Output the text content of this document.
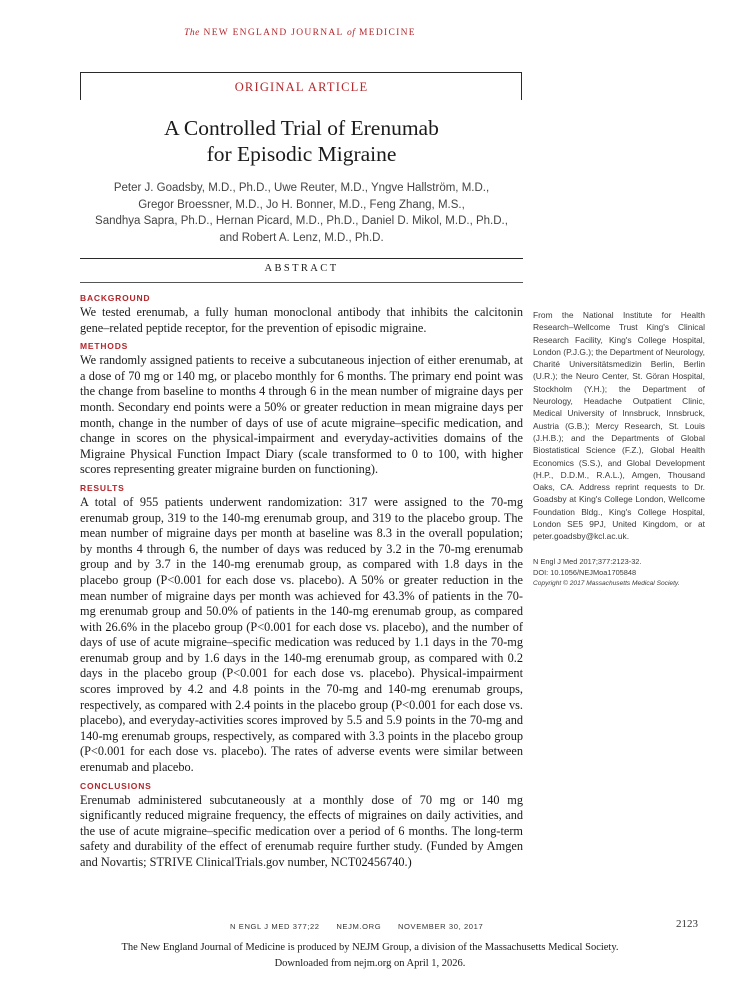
The NEW ENGLAND JOURNAL of MEDICINE
ORIGINAL ARTICLE
A Controlled Trial of Erenumab
for Episodic Migraine
Peter J. Goadsby, M.D., Ph.D., Uwe Reuter, M.D., Yngve Hallström, M.D.,
Gregor Broessner, M.D., Jo H. Bonner, M.D., Feng Zhang, M.S.,
Sandhya Sapra, Ph.D., Hernan Picard, M.D., Ph.D., Daniel D. Mikol, M.D., Ph.D.,
and Robert A. Lenz, M.D., Ph.D.
ABSTRACT

BACKGROUND

We tested erenumab, a fully human monoclonal antibody that inhibits the calcitonin gene–related peptide receptor, for the prevention of episodic migraine.

METHODS

We randomly assigned patients to receive a subcutaneous injection of either erenumab, at a dose of 70 mg or 140 mg, or placebo monthly for 6 months. The primary end point was the change from baseline to months 4 through 6 in the mean number of migraine days per month. Secondary end points were a 50% or greater reduction in mean migraine days per month, change in the number of days of use of acute migraine–specific medication, and change in scores on the physical-impairment and everyday-activities domains of the Migraine Physical Function Impact Diary (scale transformed to 0 to 100, with higher scores representing greater migraine burden on functioning).

RESULTS

A total of 955 patients underwent randomization: 317 were assigned to the 70-mg erenumab group, 319 to the 140-mg erenumab group, and 319 to the placebo group. The mean number of migraine days per month at baseline was 8.3 in the overall population; by months 4 through 6, the number of days was reduced by 3.2 in the 70-mg erenumab group and by 3.7 in the 140-mg erenumab group, as compared with 1.8 days in the placebo group (P<0.001 for each dose vs. placebo). A 50% or greater reduction in the mean number of migraine days per month was achieved for 43.3% of patients in the 70-mg erenumab group and 50.0% of patients in the 140-mg erenumab group, as compared with 26.6% in the placebo group (P<0.001 for each dose vs. placebo), and the number of days of use of acute migraine–specific medication was reduced by 1.1 days in the 70-mg erenumab group and by 1.6 days in the 140-mg erenumab group, as compared with 0.2 days in the placebo group (P<0.001 for each dose vs. placebo). Physical-impairment scores improved by 4.2 and 4.8 points in the 70-mg and 140-mg erenumab groups, respectively, as compared with 2.4 points in the placebo group (P<0.001 for each dose vs. placebo), and everyday-activities scores improved by 5.5 and 5.9 points in the 70-mg and 140-mg erenumab groups, respectively, as compared with 3.3 points in the placebo group (P<0.001 for each dose vs. placebo). The rates of adverse events were similar between erenumab and placebo.

CONCLUSIONS

Erenumab administered subcutaneously at a monthly dose of 70 mg or 140 mg significantly reduced migraine frequency, the effects of migraines on daily activities, and the use of acute migraine–specific medication over a period of 6 months. The long-term safety and durability of the effect of erenumab require further study. (Funded by Amgen and Novartis; STRIVE ClinicalTrials.gov number, NCT02456740.)

From the National Institute for Health Research–Wellcome Trust King's Clinical Research Facility, King's College Hospital, London (P.J.G.); the Department of Neurology, Charité Universitätsmedizin Berlin, Berlin (U.R.); the Neuro Center, St. Göran Hospital, Stockholm (Y.H.); the Department of Neurology, Headache Outpatient Clinic, Medical University of Innsbruck, Innsbruck, Austria (G.B.); Mercy Research, St. Louis (J.H.B.); and the Departments of Global Biostatistical Science (F.Z.), Global Health Economics (S.S.), and Global Development (H.P., D.D.M., R.A.L.), Amgen, Thousand Oaks, CA. Address reprint requests to Dr. Goadsby at King's College London, Wellcome Foundation Bldg., King's College Hospital, London SE5 9PJ, United Kingdom, or at peter.goadsby@kcl.ac.uk.

N Engl J Med 2017;377:2123-32.
DOI: 10.1056/NEJMoa1705848
Copyright © 2017 Massachusetts Medical Society.
N ENGL J MED 377;22 NEJM.ORG NOVEMBER 30, 2017	2123
The New England Journal of Medicine is produced by NEJM Group, a division of the Massachusetts Medical Society.
Downloaded from nejm.org on April 1, 2026.
